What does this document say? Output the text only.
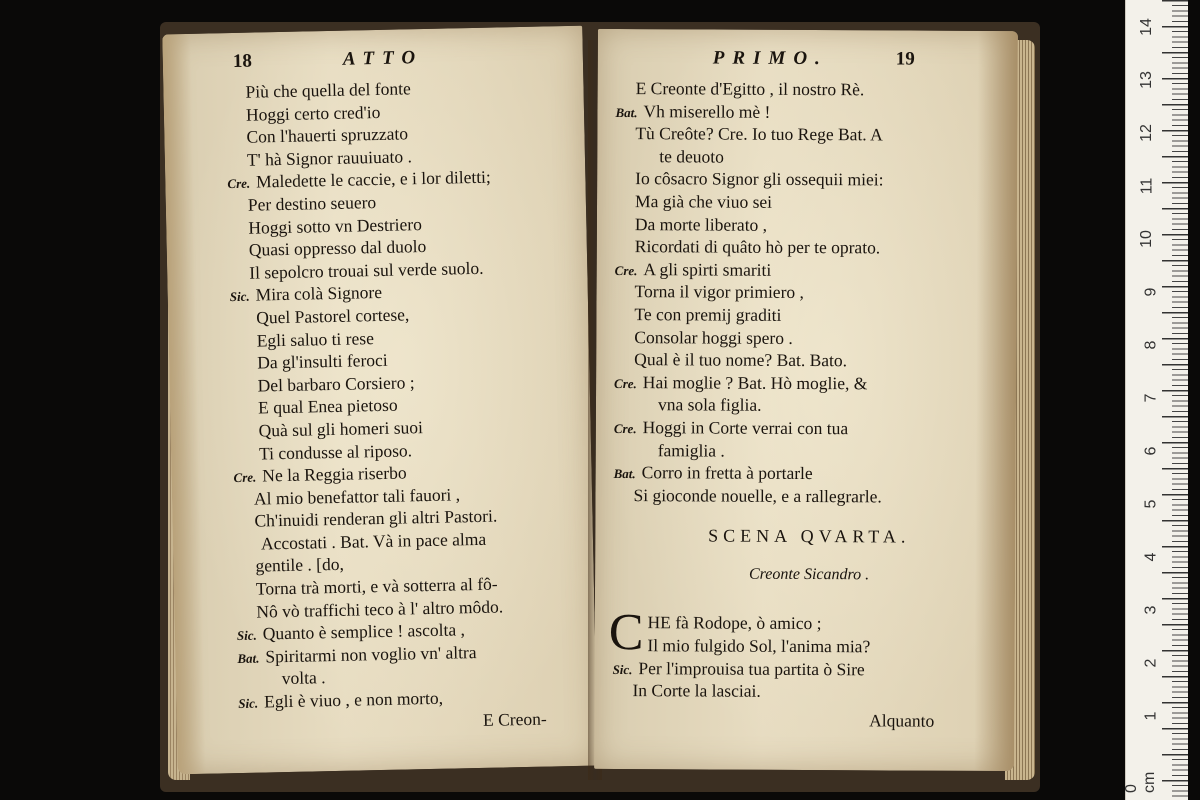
18	ATTO
Più che quella del fonte
Hoggi certo cred'io
Con l'hauerti spruzzato
T' hà Signor rauuiuato .
Cre. Maledette le caccie, e i lor diletti;
Per destino seuero
Hoggi sotto vn Destriero
Quasi oppresso dal duolo
Il sepolcro trouai sul verde suolo.
Sic. Mira colà Signore
Quel Pastorel cortese,
Egli saluo ti rese
Da gl'insulti feroci
Del barbaro Corsiero ;
E qual Enea pietoso
Quà sul gli homeri suoi
Ti condusse al riposo.
Cre. Ne la Reggia riserbo
Al mio benefattor tali fauori ,
Ch'inuidi renderan gli altri Pastori.
Accostati . Bat. Và in pace alma
gentile . [do,
Torna trà morti, e và sotterra al fô-
Nô vò traffichi teco à l' altro môdo.
Sic. Quanto è semplice ! ascolta ,
Bat. Spiritarmi non voglio vn' altra
volta .
Sic. Egli è viuo , e non morto,
E Creon-
PRIMO.	19
E Creonte d'Egitto , il nostro Rè.
Bat. Vh miserello mè !
Tù Creôte? Cre. Io tuo Rege Bat. A
te deuoto
Io côsacro Signor gli ossequii miei:
Ma già che viuo sei
Da morte liberato ,
Ricordati di quâto hò per te oprato.
Cre. A gli spirti smariti
Torna il vigor primiero ,
Te con premij graditi
Consolar hoggi spero .
Qual è il tuo nome? Bat. Bato.
Cre. Hai moglie ? Bat. Hò moglie, &
vna sola figlia.
Cre. Hoggi in Corte verrai con tua
famiglia .
Bat. Corro in fretta à portarle
Si gioconde nouelle, e a rallegrarle.
SCENA QVARTA.
Creonte Sicandro .
C HE fà Rodope, ò amico ;
Il mio fulgido Sol, l'anima mia?
Sic. Per l'improuisa tua partita ò Sire
In Corte la lasciai.
Alquanto
14
13
12
11
10
9
8
7
6
5
4
3
2
1
0 cm
